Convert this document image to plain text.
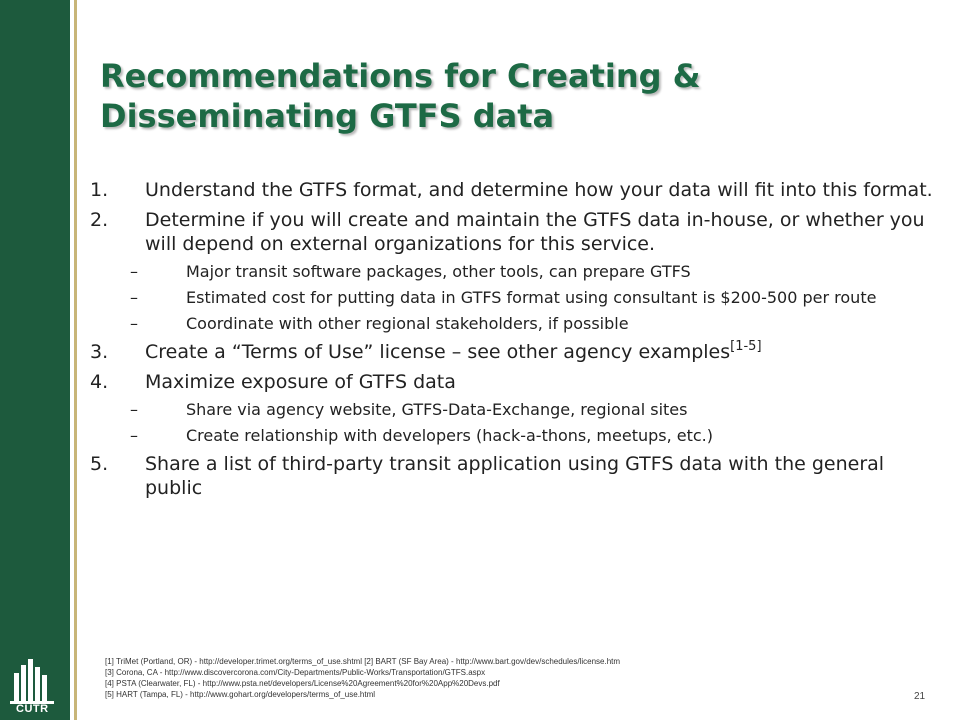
Recommendations for Creating &
Disseminating GTFS data
1.	Understand the GTFS format, and determine how your data will fit into this format.
2.	Determine if you will create and maintain the GTFS data in-house, or whether you will depend on external organizations for this service.
–	Major transit software packages, other tools, can prepare GTFS
–	Estimated cost for putting data in GTFS format using consultant is $200-500 per route
–	Coordinate with other regional stakeholders, if possible
3.	Create a “Terms of Use” license – see other agency examples[1-5]
4.	Maximize exposure of GTFS data
–	Share via agency website, GTFS-Data-Exchange, regional sites
–	Create relationship with developers (hack-a-thons, meetups, etc.)
5.	Share a list of third-party transit application using GTFS data with the general public
[1] TriMet (Portland, OR) - http://developer.trimet.org/terms_of_use.shtml [2] BART (SF Bay Area) - http://www.bart.gov/dev/schedules/license.htm
[3] Corona, CA - http://www.discovercorona.com/City-Departments/Public-Works/Transportation/GTFS.aspx
[4] PSTA (Clearwater, FL) - http://www.psta.net/developers/License%20Agreement%20for%20App%20Devs.pdf
[5] HART (Tampa, FL) - http://www.gohart.org/developers/terms_of_use.html
CUTR
21
